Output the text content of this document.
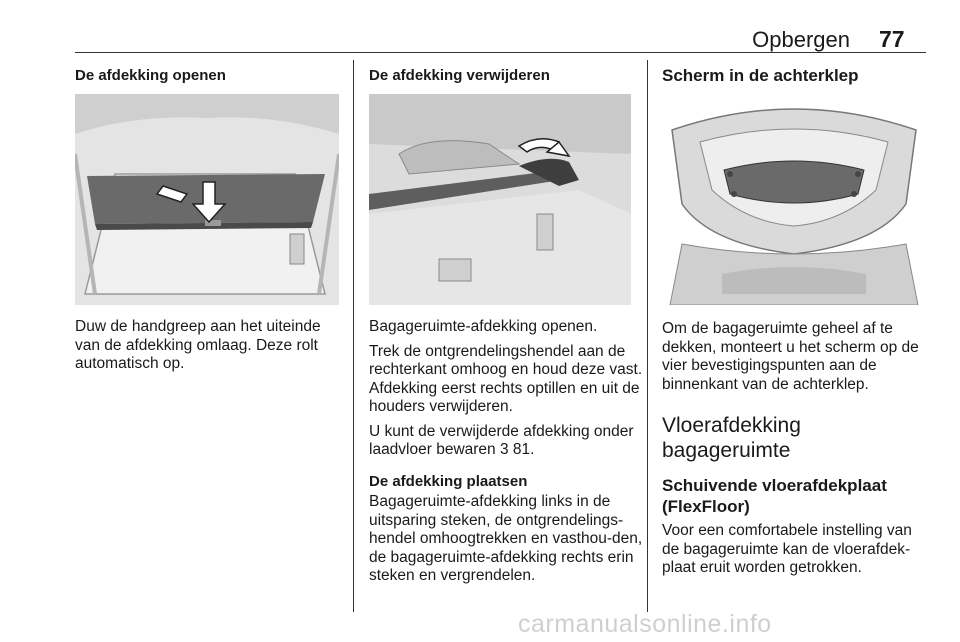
Opbergen 77
De afdekking openen
Duw de handgreep aan het uiteinde van de afdekking omlaag. Deze rolt automatisch op.
De afdekking verwijderen
Bagageruimte-afdekking openen.
Trek de ontgrendelingshendel aan de rechterkant omhoog en houd deze vast. Afdekking eerst rechts optillen en uit de houders verwijderen.
U kunt de verwijderde afdekking onder laadvloer bewaren 3 81.
De afdekking plaatsen
Bagageruimte-afdekking links in de uitsparing steken, de ontgrendelings-hendel omhoogtrekken en vasthou-den, de bagageruimte-afdekking rechts erin steken en vergrendelen.
Scherm in de achterklep
Om de bagageruimte geheel af te dekken, monteert u het scherm op de vier bevestigingspunten aan de binnenkant van de achterklep.
Vloerafdekking bagageruimte
Schuivende vloerafdekplaat (FlexFloor)
Voor een comfortabele instelling van de bagageruimte kan de vloerafdek-plaat eruit worden getrokken.
carmanualsonline.info
